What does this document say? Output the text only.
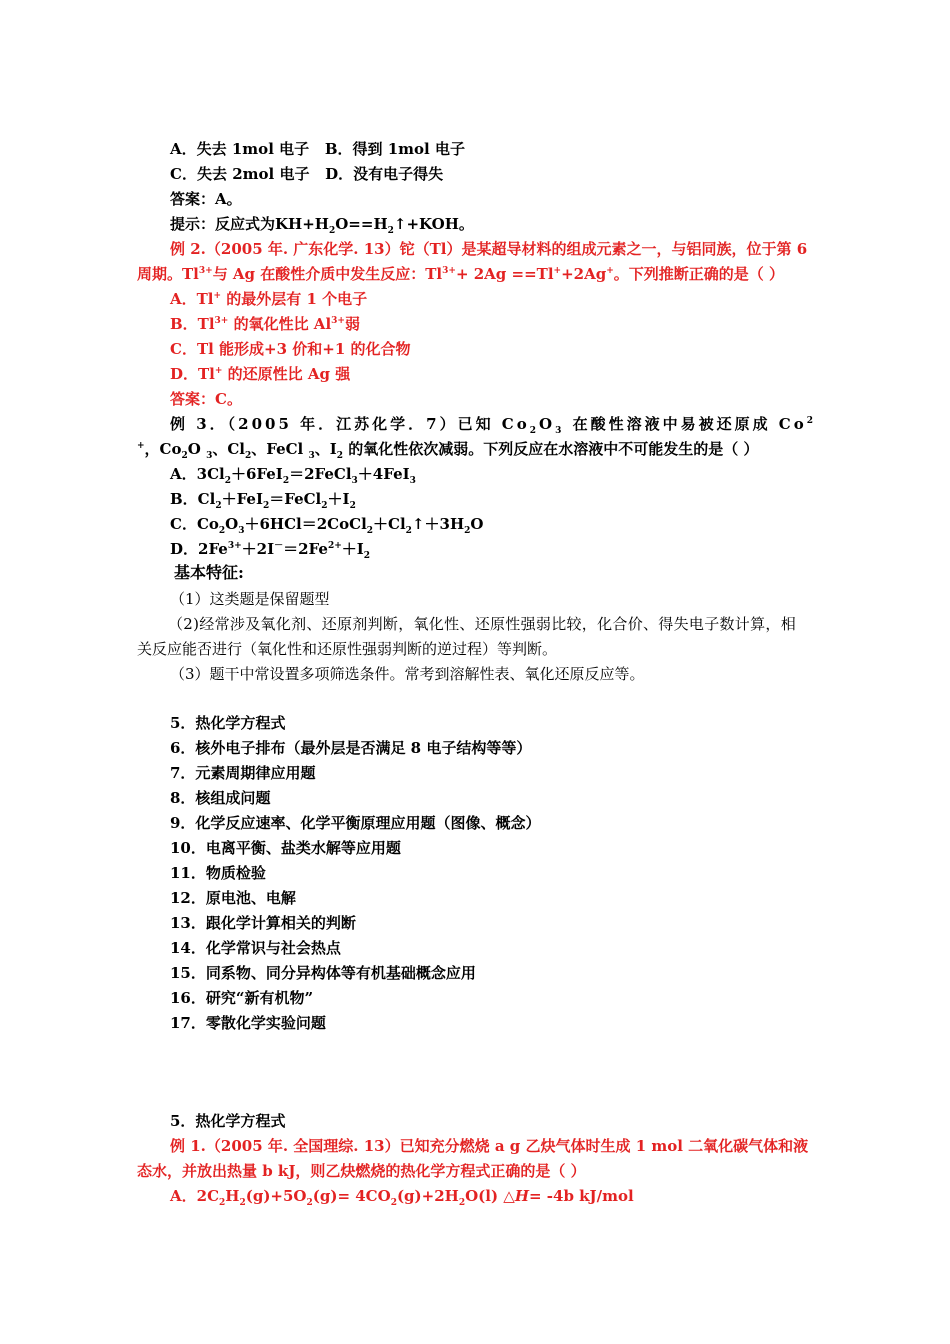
A．失去 1mol 电子 B．得到 1mol 电子
C．失去 2mol 电子 D．没有电子得失
答案：A。
提示：反应式为$KH+H_2O==H_2↑+KOH$。
例 2.（2005 年. 广东化学. 13）铊（Tl）是某超导材料的组成元素之一，与铝同族，位于第 6
周期。$Tl^{3+}$与 Ag 在酸性介质中发生反应：$Tl^{3+}+ 2Ag ==Tl^++2Ag^+$。下列推断正确的是（ ）
A．Tl+ 的最外层有 1 个电子
B．$Tl^{3+}$ 的氧化性比 $Al^{3+}$弱
C．Tl 能形成+3 价和+1 的化合物
D．Tl+ 的还原性比 Ag 强
答案：C。
例 3．（2005 年．江苏化学．7）已知 $Co_2O_3$ 在酸性溶液中易被还原成 Co$^2$
+，$Co_2O$ $_3$、$Cl_2$、FeCl $_3$、$I_2$ 的氧化性依次减弱。下列反应在水溶液中不可能发生的是（ ）
A．$3Cl_2+6FeI_2=2FeCl_3+4FeI_3$
B．$Cl_2+FeI_2=FeCl_2+I_2$
C．$Co_2O_3+6HCl=2CoCl_2+Cl_2↑+3H_2O$
D．$2Fe^{3+}+2I^-=2Fe^{2+}+I_2$
基本特征:
（1）这类题是保留题型
（2)经常涉及氧化剂、还原剂判断，氧化性、还原性强弱比较，化合价、得失电子数计算，相
关反应能否进行（氧化性和还原性强弱判断的逆过程）等判断。
（3）题干中常设置多项筛选条件。常考到溶解性表、氧化还原反应等。
5．热化学方程式
6．核外电子排布（最外层是否满足 8 电子结构等等）
7．元素周期律应用题
8．核组成问题
9．化学反应速率、化学平衡原理应用题（图像、概念）
10．电离平衡、盐类水解等应用题
11．物质检验
12．原电池、电解
13．跟化学计算相关的判断
14．化学常识与社会热点
15．同系物、同分异构体等有机基础概念应用
16．研究“新有机物”
17．零散化学实验问题
5．热化学方程式
例 1.（2005 年. 全国理综. 13）已知充分燃烧 a g 乙炔气体时生成 1 mol 二氧化碳气体和液
态水，并放出热量 b kJ，则乙炔燃烧的热化学方程式正确的是（ ）
A．$2C_2H_2(g)+5O_2(g)= 4CO_2(g)+2H_2O(l)$ △H= -4b kJ/mol
